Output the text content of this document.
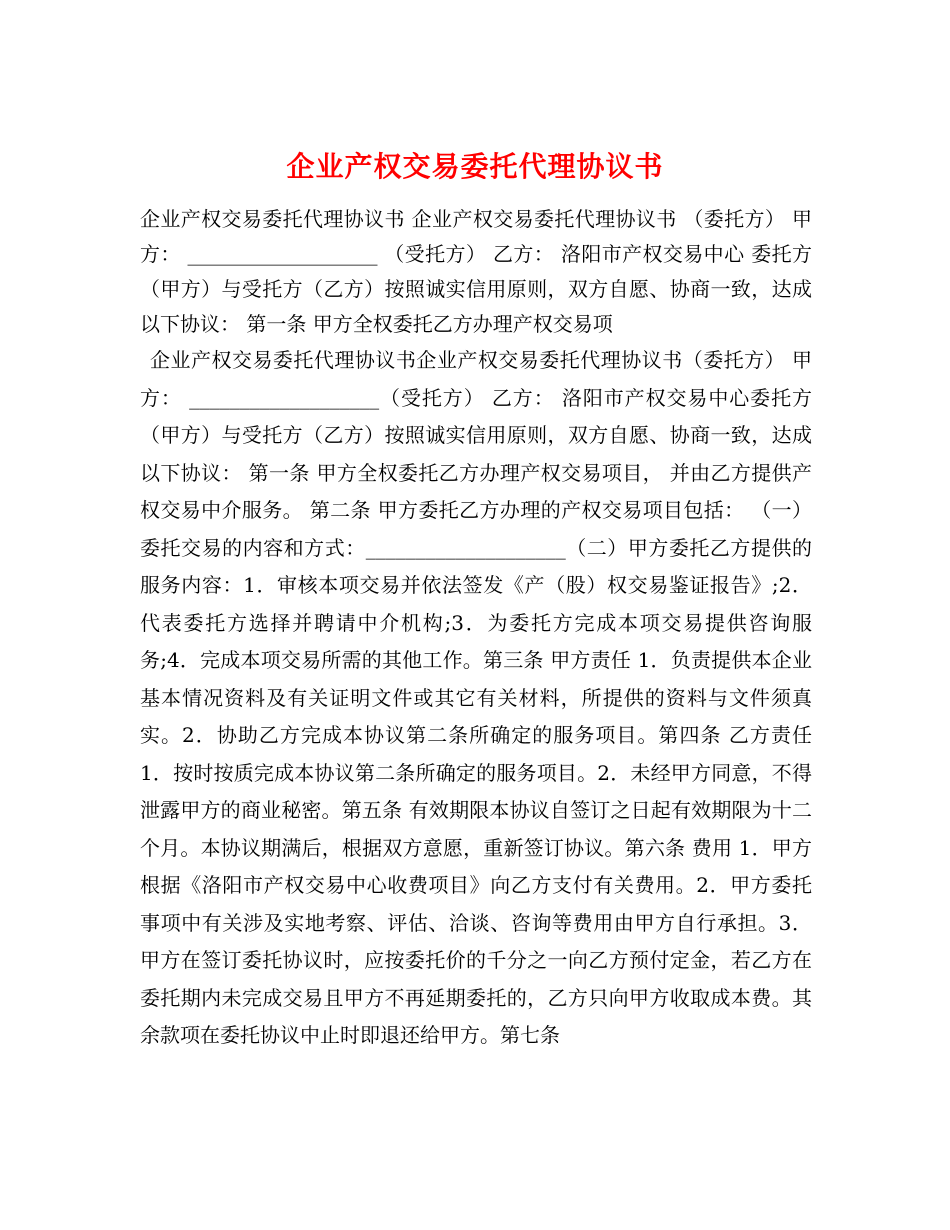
企业产权交易委托代理协议书

企业产权交易委托代理协议书 企业产权交易委托代理协议书 （委托方） 甲方： ___________________ （受托方） 乙方： 洛阳市产权交易中心 委托方（甲方）与受托方（乙方）按照诚实信用原则，双方自愿、协商一致，达成以下协议： 第一条 甲方全权委托乙方办理产权交易项

企业产权交易委托代理协议书企业产权交易委托代理协议书（委托方） 甲方： ___________________（受托方） 乙方： 洛阳市产权交易中心委托方（甲方）与受托方（乙方）按照诚实信用原则，双方自愿、协商一致，达成以下协议： 第一条 甲方全权委托乙方办理产权交易项目， 并由乙方提供产权交易中介服务。 第二条 甲方委托乙方办理的产权交易项目包括： （一）委托交易的内容和方式：____________________（二）甲方委托乙方提供的服务内容：1．审核本项交易并依法签发《产（股）权交易鉴证报告》;2．代表委托方选择并聘请中介机构;3．为委托方完成本项交易提供咨询服务;4．完成本项交易所需的其他工作。第三条 甲方责任 1．负责提供本企业基本情况资料及有关证明文件或其它有关材料，所提供的资料与文件须真实。2．协助乙方完成本协议第二条所确定的服务项目。第四条 乙方责任 1．按时按质完成本协议第二条所确定的服务项目。2．未经甲方同意，不得泄露甲方的商业秘密。第五条 有效期限本协议自签订之日起有效期限为十二个月。本协议期满后，根据双方意愿，重新签订协议。第六条 费用 1．甲方根据《洛阳市产权交易中心收费项目》向乙方支付有关费用。2．甲方委托事项中有关涉及实地考察、评估、洽谈、咨询等费用由甲方自行承担。3．甲方在签订委托协议时，应按委托价的千分之一向乙方预付定金，若乙方在委托期内未完成交易且甲方不再延期委托的，乙方只向甲方收取成本费。其余款项在委托协议中止时即退还给甲方。第七条
